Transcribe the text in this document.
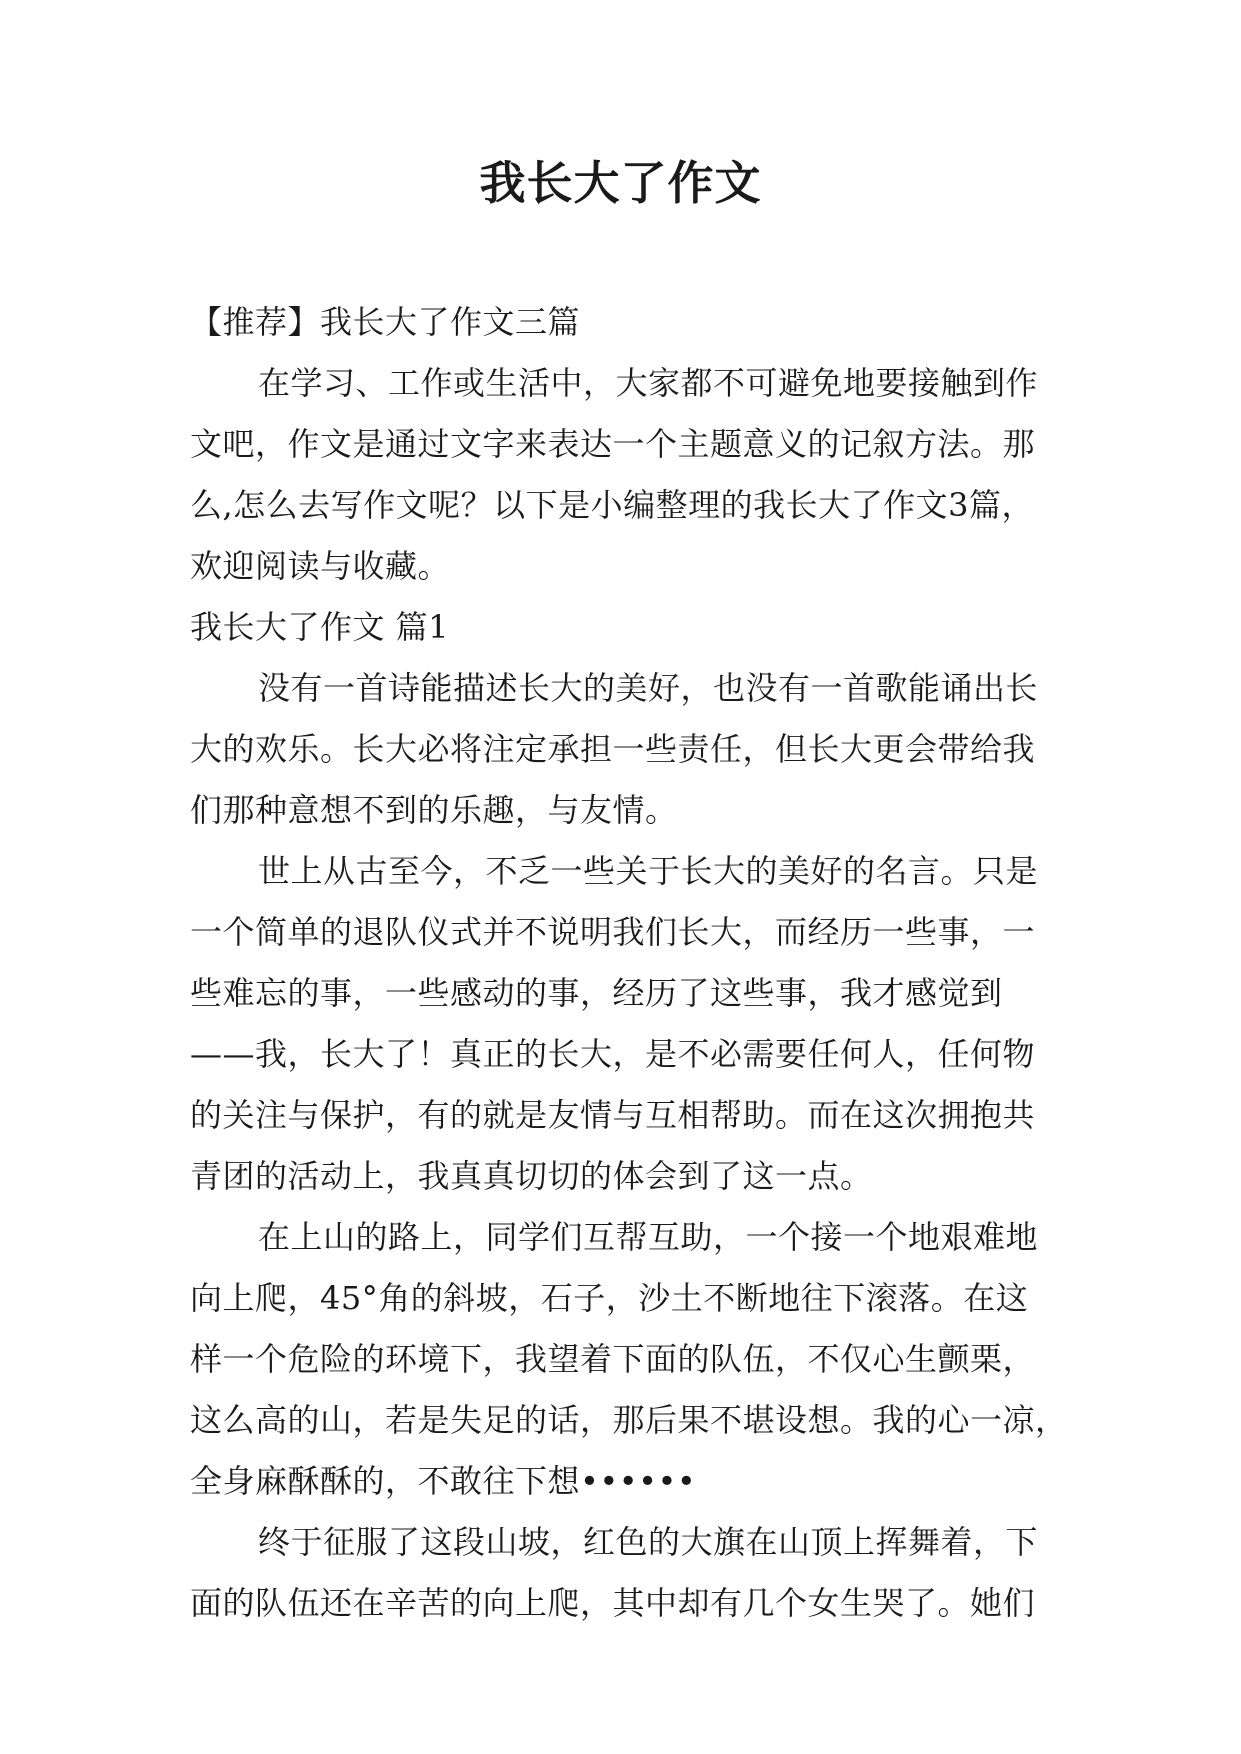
我长大了作文
【推荐】我长大了作文三篇
在学习、工作或生活中，大家都不可避免地要接触到作
文吧，作文是通过文字来表达一个主题意义的记叙方法。那
么,怎么去写作文呢？以下是小编整理的我长大了作文3篇，
欢迎阅读与收藏。
我长大了作文 篇1
没有一首诗能描述长大的美好，也没有一首歌能诵出长
大的欢乐。长大必将注定承担一些责任，但长大更会带给我
们那种意想不到的乐趣，与友情。
世上从古至今，不乏一些关于长大的美好的名言。只是
一个简单的退队仪式并不说明我们长大，而经历一些事，一
些难忘的事，一些感动的事，经历了这些事，我才感觉到
——我，长大了！真正的长大，是不必需要任何人，任何物
的关注与保护，有的就是友情与互相帮助。而在这次拥抱共
青团的活动上，我真真切切的体会到了这一点。
在上山的路上，同学们互帮互助，一个接一个地艰难地
向上爬，45°角的斜坡，石子，沙土不断地往下滚落。在这
样一个危险的环境下，我望着下面的队伍，不仅心生颤栗，
这么高的山，若是失足的话，那后果不堪设想。我的心一凉，
全身麻酥酥的，不敢往下想••••••
终于征服了这段山坡，红色的大旗在山顶上挥舞着，下
面的队伍还在辛苦的向上爬，其中却有几个女生哭了。她们
